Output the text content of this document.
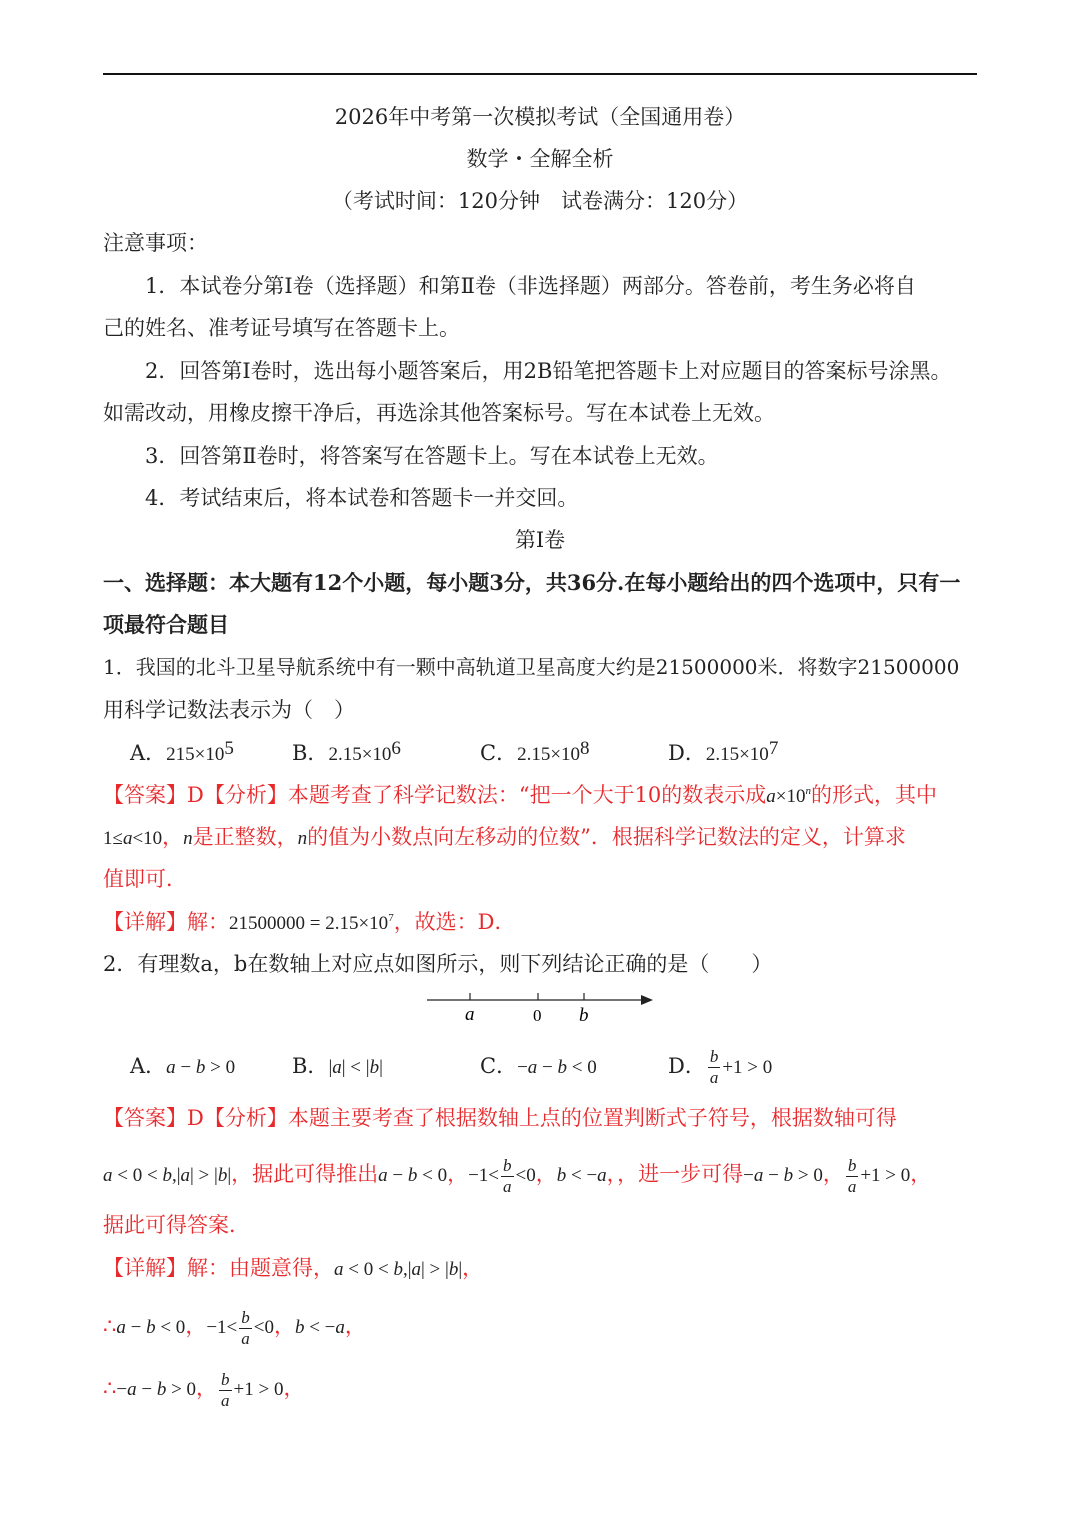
2026年中考第一次模拟考试（全国通用卷）
数学・全解全析
（考试时间：120分钟　试卷满分：120分）
注意事项：
1．本试卷分第Ⅰ卷（选择题）和第Ⅱ卷（非选择题）两部分。答卷前，考生务必将自
己的姓名、准考证号填写在答题卡上。
2．回答第Ⅰ卷时，选出每小题答案后，用2B铅笔把答题卡上对应题目的答案标号涂黑。
如需改动，用橡皮擦干净后，再选涂其他答案标号。写在本试卷上无效。
3．回答第Ⅱ卷时，将答案写在答题卡上。写在本试卷上无效。
4．考试结束后，将本试卷和答题卡一并交回。
第Ⅰ卷
一、选择题：本大题有12个小题，每小题3分，共36分.在每小题给出的四个选项中，只有一
项最符合题目
1．我国的北斗卫星导航系统中有一颗中高轨道卫星高度大约是21500000米．将数字21500000
用科学记数法表示为（　）
A．$215\times 10^5$	B．$2.15\times 10^6$	C．$2.15\times 10^8$	D．$2.15\times 10^7$
【答案】D【分析】本题考查了科学记数法：“把一个大于10的数表示成$a\times 10^n$的形式，其中
1≤a<10，n是正整数，n的值为小数点向左移动的位数”．根据科学记数法的定义，计算求
值即可．
【详解】解：$21500000 = 2.15\times 10^7$，故选：D．
2．有理数a，b在数轴上对应点如图所示，则下列结论正确的是（　　）
a	0 b
A．a − b > 0	B．|a| < |b|	C．−a − b < 0	D． $\frac{b}{a} +1 > 0$
【答案】D【分析】本题主要考查了根据数轴上点的位置判断式子符号，根据数轴可得
a < 0 < b,|a| > |b|，据此可得推出a − b < 0，$-1< \frac{b}{a} <0$，b < −a，，进一步可得−a − b > 0， $\frac{b}{a} +1 > 0$，
据此可得答案．
【详解】解：由题意得，a < 0 < b,|a| > |b|，
∴a − b < 0，$-1< \frac{b}{a} <0$，b < −a，
∴−a − b > 0， $\frac{b}{a} +1 > 0$，
